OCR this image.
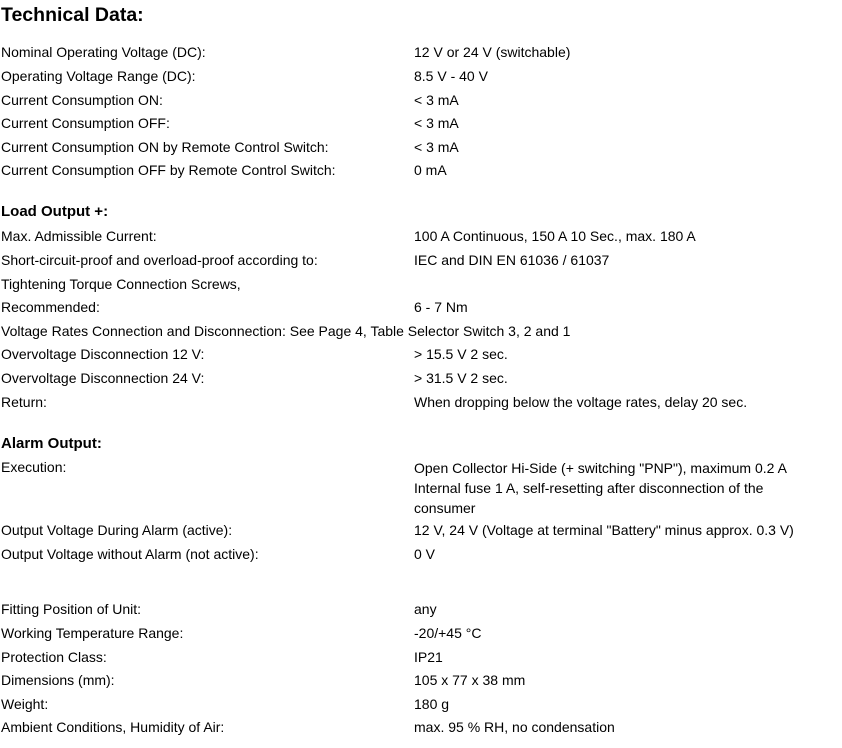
Technical Data:
Nominal Operating Voltage (DC):	12 V or 24 V (switchable)
Operating Voltage Range (DC):	8.5 V - 40 V
Current Consumption ON:	< 3 mA
Current Consumption OFF:	< 3 mA
Current Consumption ON by Remote Control Switch:	< 3 mA
Current Consumption OFF by Remote Control Switch:	0 mA
Load Output +:
Max. Admissible Current:	100 A Continuous, 150 A 10 Sec., max. 180 A
Short-circuit-proof and overload-proof according to:	IEC and DIN EN 61036 / 61037
Tightening Torque Connection Screws,
Recommended:	6 - 7 Nm
Voltage Rates Connection and Disconnection: See Page 4, Table Selector Switch 3, 2 and 1
Overvoltage Disconnection 12 V:	> 15.5 V 2 sec.
Overvoltage Disconnection 24 V:	> 31.5 V 2 sec.
Return:	When dropping below the voltage rates, delay 20 sec.
Alarm Output:
Execution:	Open Collector Hi-Side (+ switching "PNP"), maximum 0.2 A
Internal fuse 1 A, self-resetting after disconnection of the
consumer
Output Voltage During Alarm (active):	12 V, 24 V (Voltage at terminal "Battery" minus approx. 0.3 V)
Output Voltage without Alarm (not active):	0 V
Fitting Position of Unit:	any
Working Temperature Range:	-20/+45 °C
Protection Class:	IP21
Dimensions (mm):	105 x 77 x 38 mm
Weight:	180 g
Ambient Conditions, Humidity of Air:	max. 95 % RH, no condensation
